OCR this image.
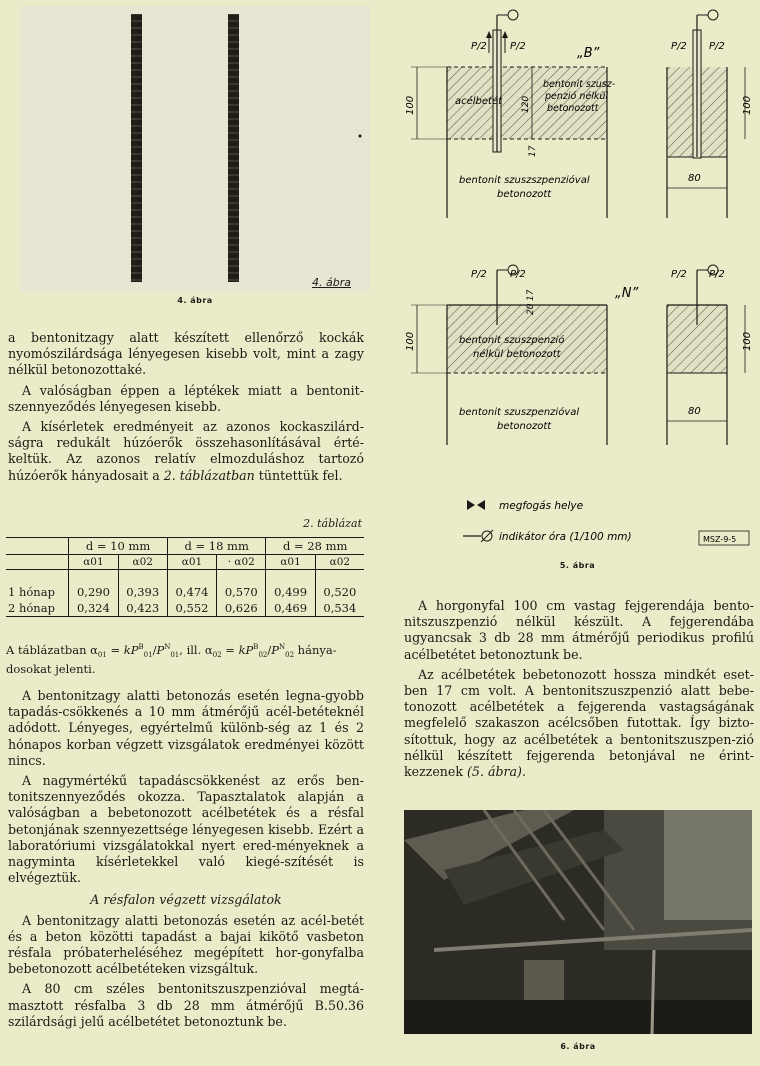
4. ábra
4. ábra

a bentonitzagy alatt készített ellenőrző kockák nyomószilárdsága lényegesen kisebb volt, mint a zagy nélkül betonozottaké.

A valóságban éppen a léptékek miatt a bentonit-szennyeződés lényegesen kisebb.

A kísérletek eredményeit az azonos kockaszilárd-ságra redukált húzóerők összehasonlításával érté-keltük. Az azonos relatív elmozduláshoz tartozó húzóerők hányadosait a 2. táblázatban tüntettük fel.

2. táblázat
	d = 10 mm		d = 18 mm		d = 28 mm	
	α01	α02	α01	· α02	α01	α02

1 hónap	0,290	0,393	0,474	0,570	0,499	0,520
2 hónap	0,324	0,423	0,552	0,626	0,469	0,534
A táblázatban $\alpha_{01} = kP^B_{01}/P^N_{01}$, ill. $\alpha_{02} = kP^B_{02}/P^N_{02}$ hánya-dosokat jelenti.

A bentonitzagy alatti betonozás esetén legna-gyobb tapadás-csökkenés a 10 mm átmérőjű acél-betéteknél adódott. Lényeges, egyértelmű különb-ség az 1 és 2 hónapos korban végzett vizsgálatok eredményei között nincs.

A nagymértékű tapadáscsökkenést az erős ben-tonitszennyeződés okozza. Tapasztalatok alapján a valóságban a bebetonozott acélbetétek és a résfal betonjának szennyezettsége lényegesen kisebb. Ezért a laboratóriumi vizsgálatokkal nyert ered-ményeknek a nagyminta kísérletekkel való kiegé-szítését is elvégeztük.

A résfalon végzett vizsgálatok

A bentonitzagy alatti betonozás esetén az acél-betét és a beton közötti tapadást a bajai kikötő vasbeton résfala próbaterheléséhez megépített hor-gonyfalba bebetonozott acélbetéteken vizsgáltuk.

A 80 cm széles bentonitszuszpenzióval megtá-masztott résfalba 3 db 28 mm átmérőjű B.50.36 szilárdsági jelű acélbetétet betonoztunk be.

P/2 P/2	„B”
acélbetét 120
17
bentonit szusz-
penzió nélkül
betonozott
bentonit szuszszpenzióval
betonozott
100
P/2 P/2
80
100
P/2 P/2
17
20
„N”
bentonit szuszpenzió
nélkül betonozott
bentonit szuszpenzióval
betonozott
100
P/2 P/2
80
100
megfogás helye
indikátor óra (1/100 mm)	MSZ-9-5
5. ábra

A horgonyfal 100 cm vastag fejgerendája bento-nitszuszpenzió nélkül készült. A fejgerendába ugyancsak 3 db 28 mm átmérőjű periodikus profilú acélbetétet betonoztunk be.

Az acélbetétek bebetonozott hossza mindkét eset-ben 17 cm volt. A bentonitszuszpenzió alatt bebe-tonozott acélbetétek a fejgerenda vastagságának megfelelő szakaszon acélcsőben futottak. Így bizto-sítottuk, hogy az acélbetétek a bentonitszuszpen-zió nélkül készített fejgerenda betonjával ne érint-kezzenek (5. ábra).

6. ábra
